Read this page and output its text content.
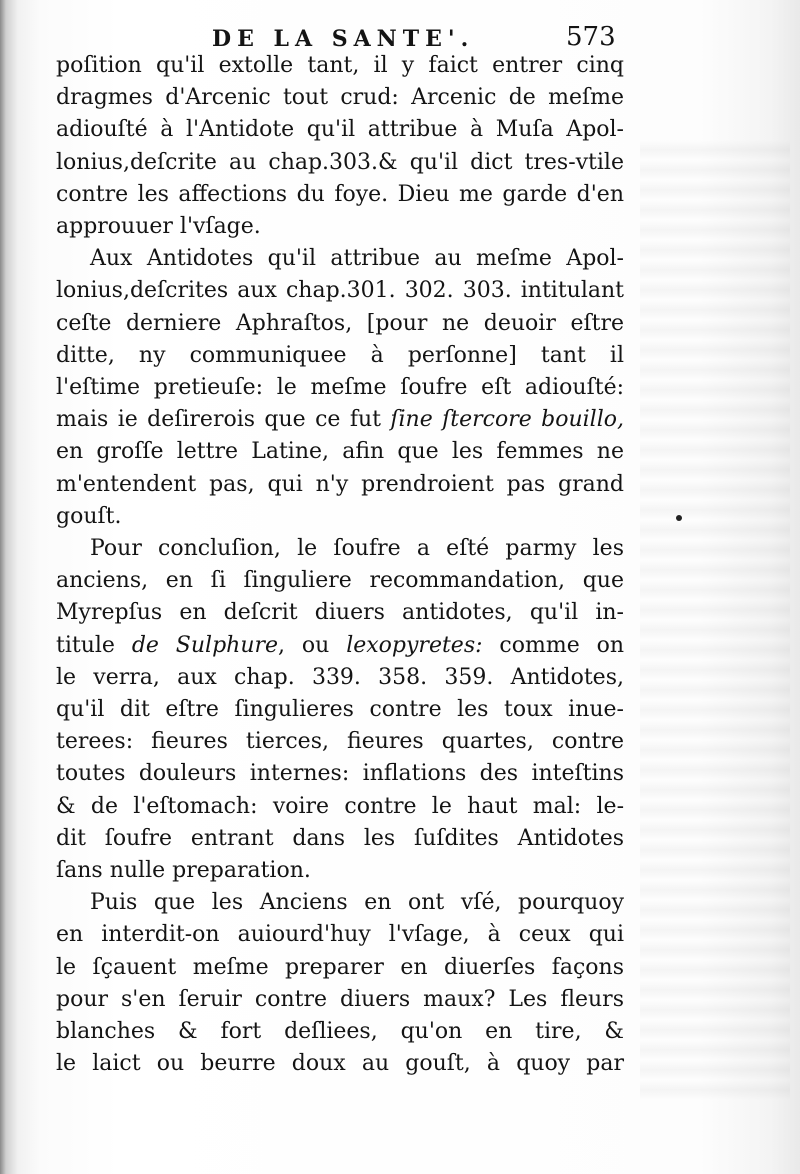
DE LA SANTE'.	573

poſition qu'il extolle tant, il y faict entrer cinq
dragmes d'Arcenic tout crud: Arcenic de meſme
adiouſté à l'Antidote qu'il attribue à Muſa Apol-
lonius,deſcrite au chap.303.& qu'il dict tres-vtile
contre les affections du foye. Dieu me garde d'en
approuuer l'vſage.

Aux Antidotes qu'il attribue au meſme Apol-
lonius,deſcrites aux chap.301. 302. 303. intitulant
ceſte derniere Aphraſtos, [pour ne deuoir eſtre
ditte, ny communiquee à perſonne] tant il
l'eſtime pretieuſe: le meſme ſoufre eſt adiouſté:
mais ie deſirerois que ce fut ſine ſtercore bouillo,
en groſſe lettre Latine, afin que les femmes ne
m'entendent pas, qui n'y prendroient pas grand
gouſt.

Pour concluſion, le ſoufre a eſté parmy les
anciens, en ſi ſinguliere recommandation, que
Myrepſus en deſcrit diuers antidotes, qu'il in-
titule de Sulphure, ou lexopyretes: comme on
le verra, aux chap. 339. 358. 359. Antidotes,
qu'il dit eſtre ſingulieres contre les toux inue-
terees: fieures tierces, fieures quartes, contre
toutes douleurs internes: inflations des inteſtins
& de l'eſtomach: voire contre le haut mal: le-
dit ſoufre entrant dans les ſuſdites Antidotes
ſans nulle preparation.

Puis que les Anciens en ont vſé, pourquoy
en interdit-on auiourd'huy l'vſage, à ceux qui
le ſçauent meſme preparer en diuerſes façons
pour s'en ſeruir contre diuers maux? Les fleurs
blanches & fort deſliees, qu'on en tire, &
le laict ou beurre doux au gouſt, à quoy par
